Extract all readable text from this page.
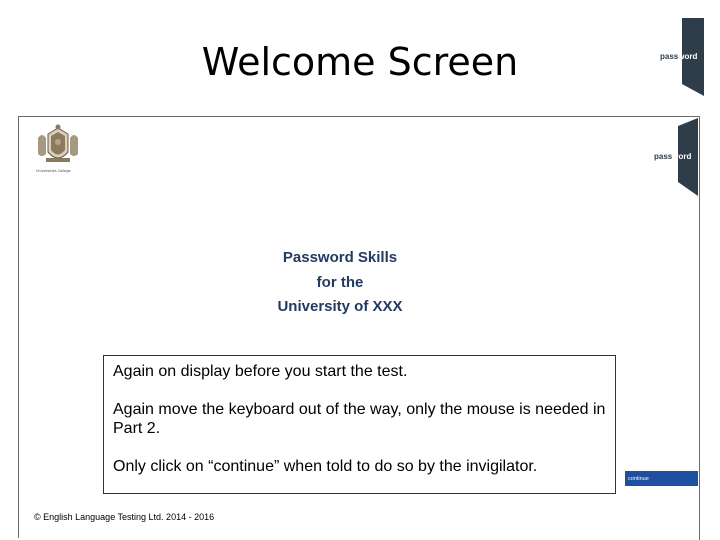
Welcome Screen	password
password
Universities College
Password Skills
for the
University of XXX

Again on display before you start the test.

Again move the keyboard out of the way, only the mouse is needed in Part 2.

Only click on “continue” when told to do so by the invigilator.

continue
© English Language Testing Ltd. 2014 - 2016
